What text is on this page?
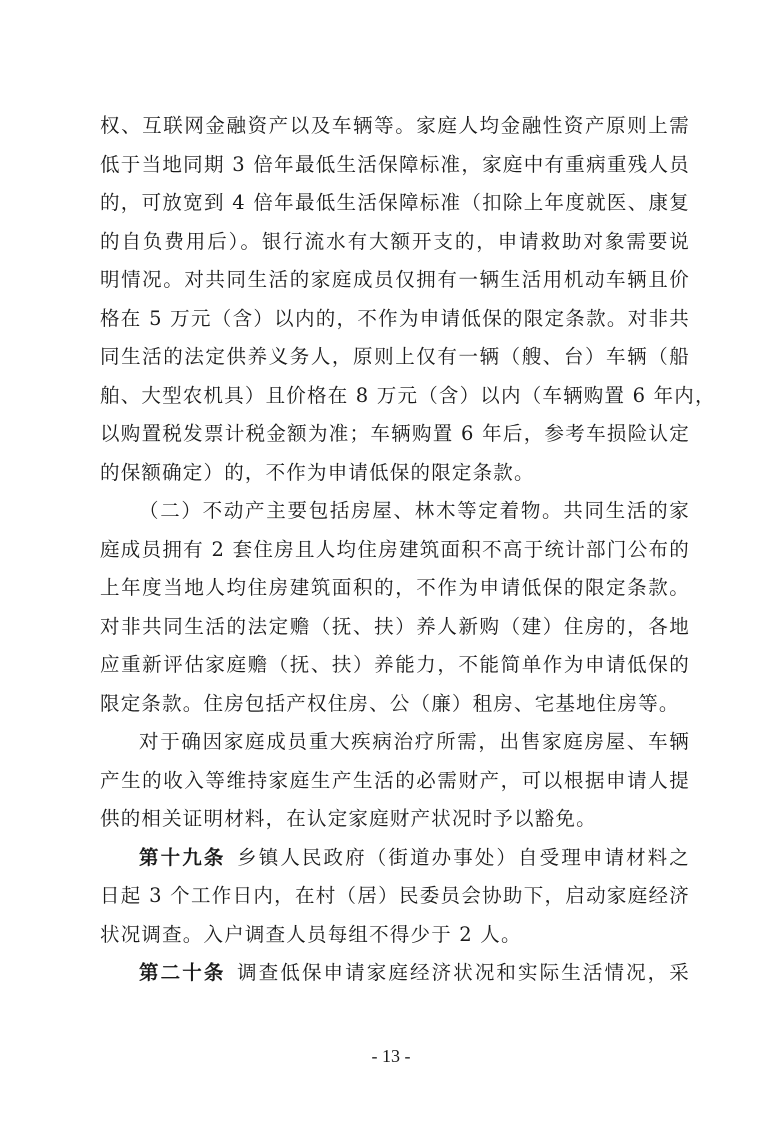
权、互联网金融资产以及车辆等。家庭人均金融性资产原则上需
低于当地同期 3 倍年最低生活保障标准，家庭中有重病重残人员
的，可放宽到 4 倍年最低生活保障标准（扣除上年度就医、康复
的自负费用后）。银行流水有大额开支的，申请救助对象需要说
明情况。对共同生活的家庭成员仅拥有一辆生活用机动车辆且价
格在 5 万元（含）以内的，不作为申请低保的限定条款。对非共
同生活的法定供养义务人，原则上仅有一辆（艘、台）车辆（船
舶、大型农机具）且价格在 8 万元（含）以内（车辆购置 6 年内，
以购置税发票计税金额为准；车辆购置 6 年后，参考车损险认定
的保额确定）的，不作为申请低保的限定条款。
（二）不动产主要包括房屋、林木等定着物。共同生活的家
庭成员拥有 2 套住房且人均住房建筑面积不高于统计部门公布的
上年度当地人均住房建筑面积的，不作为申请低保的限定条款。
对非共同生活的法定赡（抚、扶）养人新购（建）住房的，各地
应重新评估家庭赡（抚、扶）养能力，不能简单作为申请低保的
限定条款。住房包括产权住房、公（廉）租房、宅基地住房等。
对于确因家庭成员重大疾病治疗所需，出售家庭房屋、车辆
产生的收入等维持家庭生产生活的必需财产，可以根据申请人提
供的相关证明材料，在认定家庭财产状况时予以豁免。
第十九条 乡镇人民政府（街道办事处）自受理申请材料之
日起 3 个工作日内，在村（居）民委员会协助下，启动家庭经济
状况调查。入户调查人员每组不得少于 2 人。
第二十条 调查低保申请家庭经济状况和实际生活情况，采
- 13 -
